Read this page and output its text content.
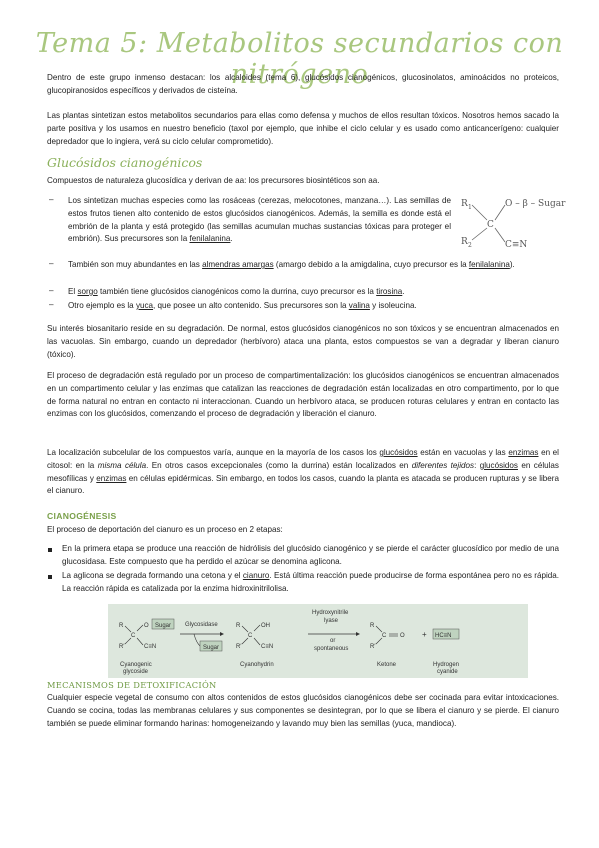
Tema 5: Metabolitos secundarios con nitrógeno
Dentro de este grupo inmenso destacan: los alcaloides (tema 6), glucósidos cianogénicos, glucosinolatos, aminoácidos no proteicos, glucopiranosidos específicos y derivados de cisteína.
Las plantas sintetizan estos metabolitos secundarios para ellas como defensa y muchos de ellos resultan tóxicos. Nosotros hemos sacado la parte positiva y los usamos en nuestro beneficio (taxol por ejemplo, que inhibe el ciclo celular y es usado como anticancerígeno: cualquier depredador que lo ingiera, verá su ciclo celular comprometido).
Glucósidos cianogénicos
Compuestos de naturaleza glucosídica y derivan de aa: los precursores biosintéticos son aa.
– Los sintetizan muchas especies como las rosáceas (cerezas, melocotones, manzana…). Las semillas de estos frutos tienen alto contenido de estos glucósidos cianogénicos. Además, la semilla es donde está el embrión de la planta y está protegido (las semillas acumulan muchas sustancias tóxicas para proteger el embrión). Sus precursores son la fenilalanina.
R 1
R 2
C
O – β – Sugar
C≡N
– También son muy abundantes en las almendras amargas (amargo debido a la amigdalina, cuyo precursor es la fenilalanina).
– El sorgo también tiene glucósidos cianogénicos como la durrina, cuyo precursor es la tirosina.
– Otro ejemplo es la yuca, que posee un alto contenido. Sus precursores son la valina y isoleucina.
Su interés biosanitario reside en su degradación. De normal, estos glucósidos cianogénicos no son tóxicos y se encuentran almacenados en las vacuolas. Sin embargo, cuando un depredador (herbívoro) ataca una planta, estos compuestos se van a degradar y liberan cianuro (tóxico).
El proceso de degradación está regulado por un proceso de compartimentalización: los glucósidos cianogénicos se encuentran almacenados en un compartimento celular y las enzimas que catalizan las reacciones de degradación están localizadas en otro compartimento, por lo que de forma natural no entran en contacto ni interaccionan. Cuando un herbívoro ataca, se producen roturas celulares y entran en contacto las enzimas con los glucósidos, comenzando el proceso de degradación y liberación el cianuro.
La localización subcelular de los compuestos varía, aunque en la mayoría de los casos los glucósidos están en vacuolas y las enzimas en el citosol: en la misma célula. En otros casos excepcionales (como la durrina) están localizados en diferentes tejidos: glucósidos en células mesofílicas y enzimas en células epidérmicas. Sin embargo, en todos los casos, cuando la planta es atacada se producen rupturas y se libera el cianuro.
CIANOGÉNESIS
El proceso de deportación del cianuro es un proceso en 2 etapas:
En la primera etapa se produce una reacción de hidrólisis del glucósido cianogénico y se pierde el carácter glucosídico por medio de una glucosidasa. Este compuesto que ha perdido el azúcar se denomina aglicona.
La aglicona se degrada formando una cetona y el cianuro. Está última reacción puede producirse de forma espontánea pero no es rápida. La reacción rápida es catalizada por la enzima hidroxinitrilolisa.
R
R′
C
O Sugar
C≡N
Cyanogenic
glycoside
Glycosidase
Sugar
R
R′
C
OH
C≡N
Cyanohydrin
Hydroxynitrile
lyase
or
spontaneous
R
R′
C O
Ketone
+ HC≡N
Hydrogen
cyanide
MECANISMOS DE DETOXIFICACIÓN
Cualquier especie vegetal de consumo con altos contenidos de estos glucósidos cianogénicos debe ser cocinada para evitar intoxicaciones. Cuando se cocina, todas las membranas celulares y sus componentes se desintegran, por lo que se libera el cianuro y se pierde. El cianuro también se puede eliminar formando harinas: homogeneizando y lavando muy bien las semillas (yuca, mandioca).
